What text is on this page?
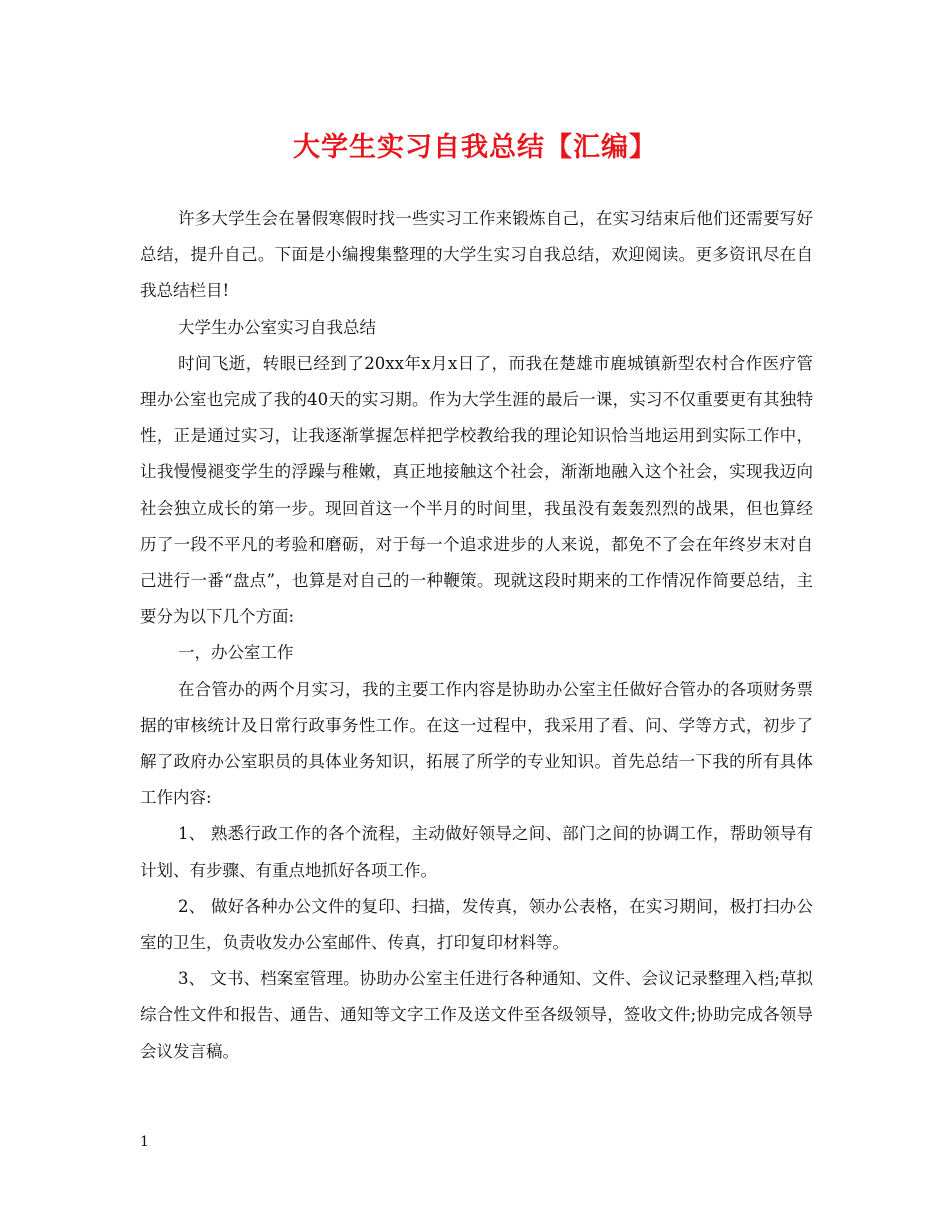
大学生实习自我总结【汇编】

许多大学生会在暑假寒假时找一些实习工作来锻炼自己，在实习结束后他们还需要写好总结，提升自己。下面是小编搜集整理的大学生实习自我总结，欢迎阅读。更多资讯尽在自我总结栏目!

大学生办公室实习自我总结

时间飞逝，转眼已经到了20xx年x月x日了，而我在楚雄市鹿城镇新型农村合作医疗管理办公室也完成了我的40天的实习期。作为大学生涯的最后一课，实习不仅重要更有其独特性，正是通过实习，让我逐渐掌握怎样把学校教给我的理论知识恰当地运用到实际工作中，让我慢慢褪变学生的浮躁与稚嫩，真正地接触这个社会，渐渐地融入这个社会，实现我迈向社会独立成长的第一步。现回首这一个半月的时间里，我虽没有轰轰烈烈的战果，但也算经历了一段不平凡的考验和磨砺，对于每一个追求进步的人来说，都免不了会在年终岁末对自己进行一番“盘点”，也算是对自己的一种鞭策。现就这段时期来的工作情况作简要总结，主要分为以下几个方面:

一，办公室工作

在合管办的两个月实习，我的主要工作内容是协助办公室主任做好合管办的各项财务票据的审核统计及日常行政事务性工作。在这一过程中，我采用了看、问、学等方式，初步了解了政府办公室职员的具体业务知识，拓展了所学的专业知识。首先总结一下我的所有具体工作内容:

1、 熟悉行政工作的各个流程，主动做好领导之间、部门之间的协调工作，帮助领导有计划、有步骤、有重点地抓好各项工作。

2、 做好各种办公文件的复印、扫描，发传真，领办公表格，在实习期间，极打扫办公室的卫生，负责收发办公室邮件、传真，打印复印材料等。

3、 文书、档案室管理。协助办公室主任进行各种通知、文件、会议记录整理入档;草拟综合性文件和报告、通告、通知等文字工作及送文件至各级领导，签收文件;协助完成各领导会议发言稿。

1
